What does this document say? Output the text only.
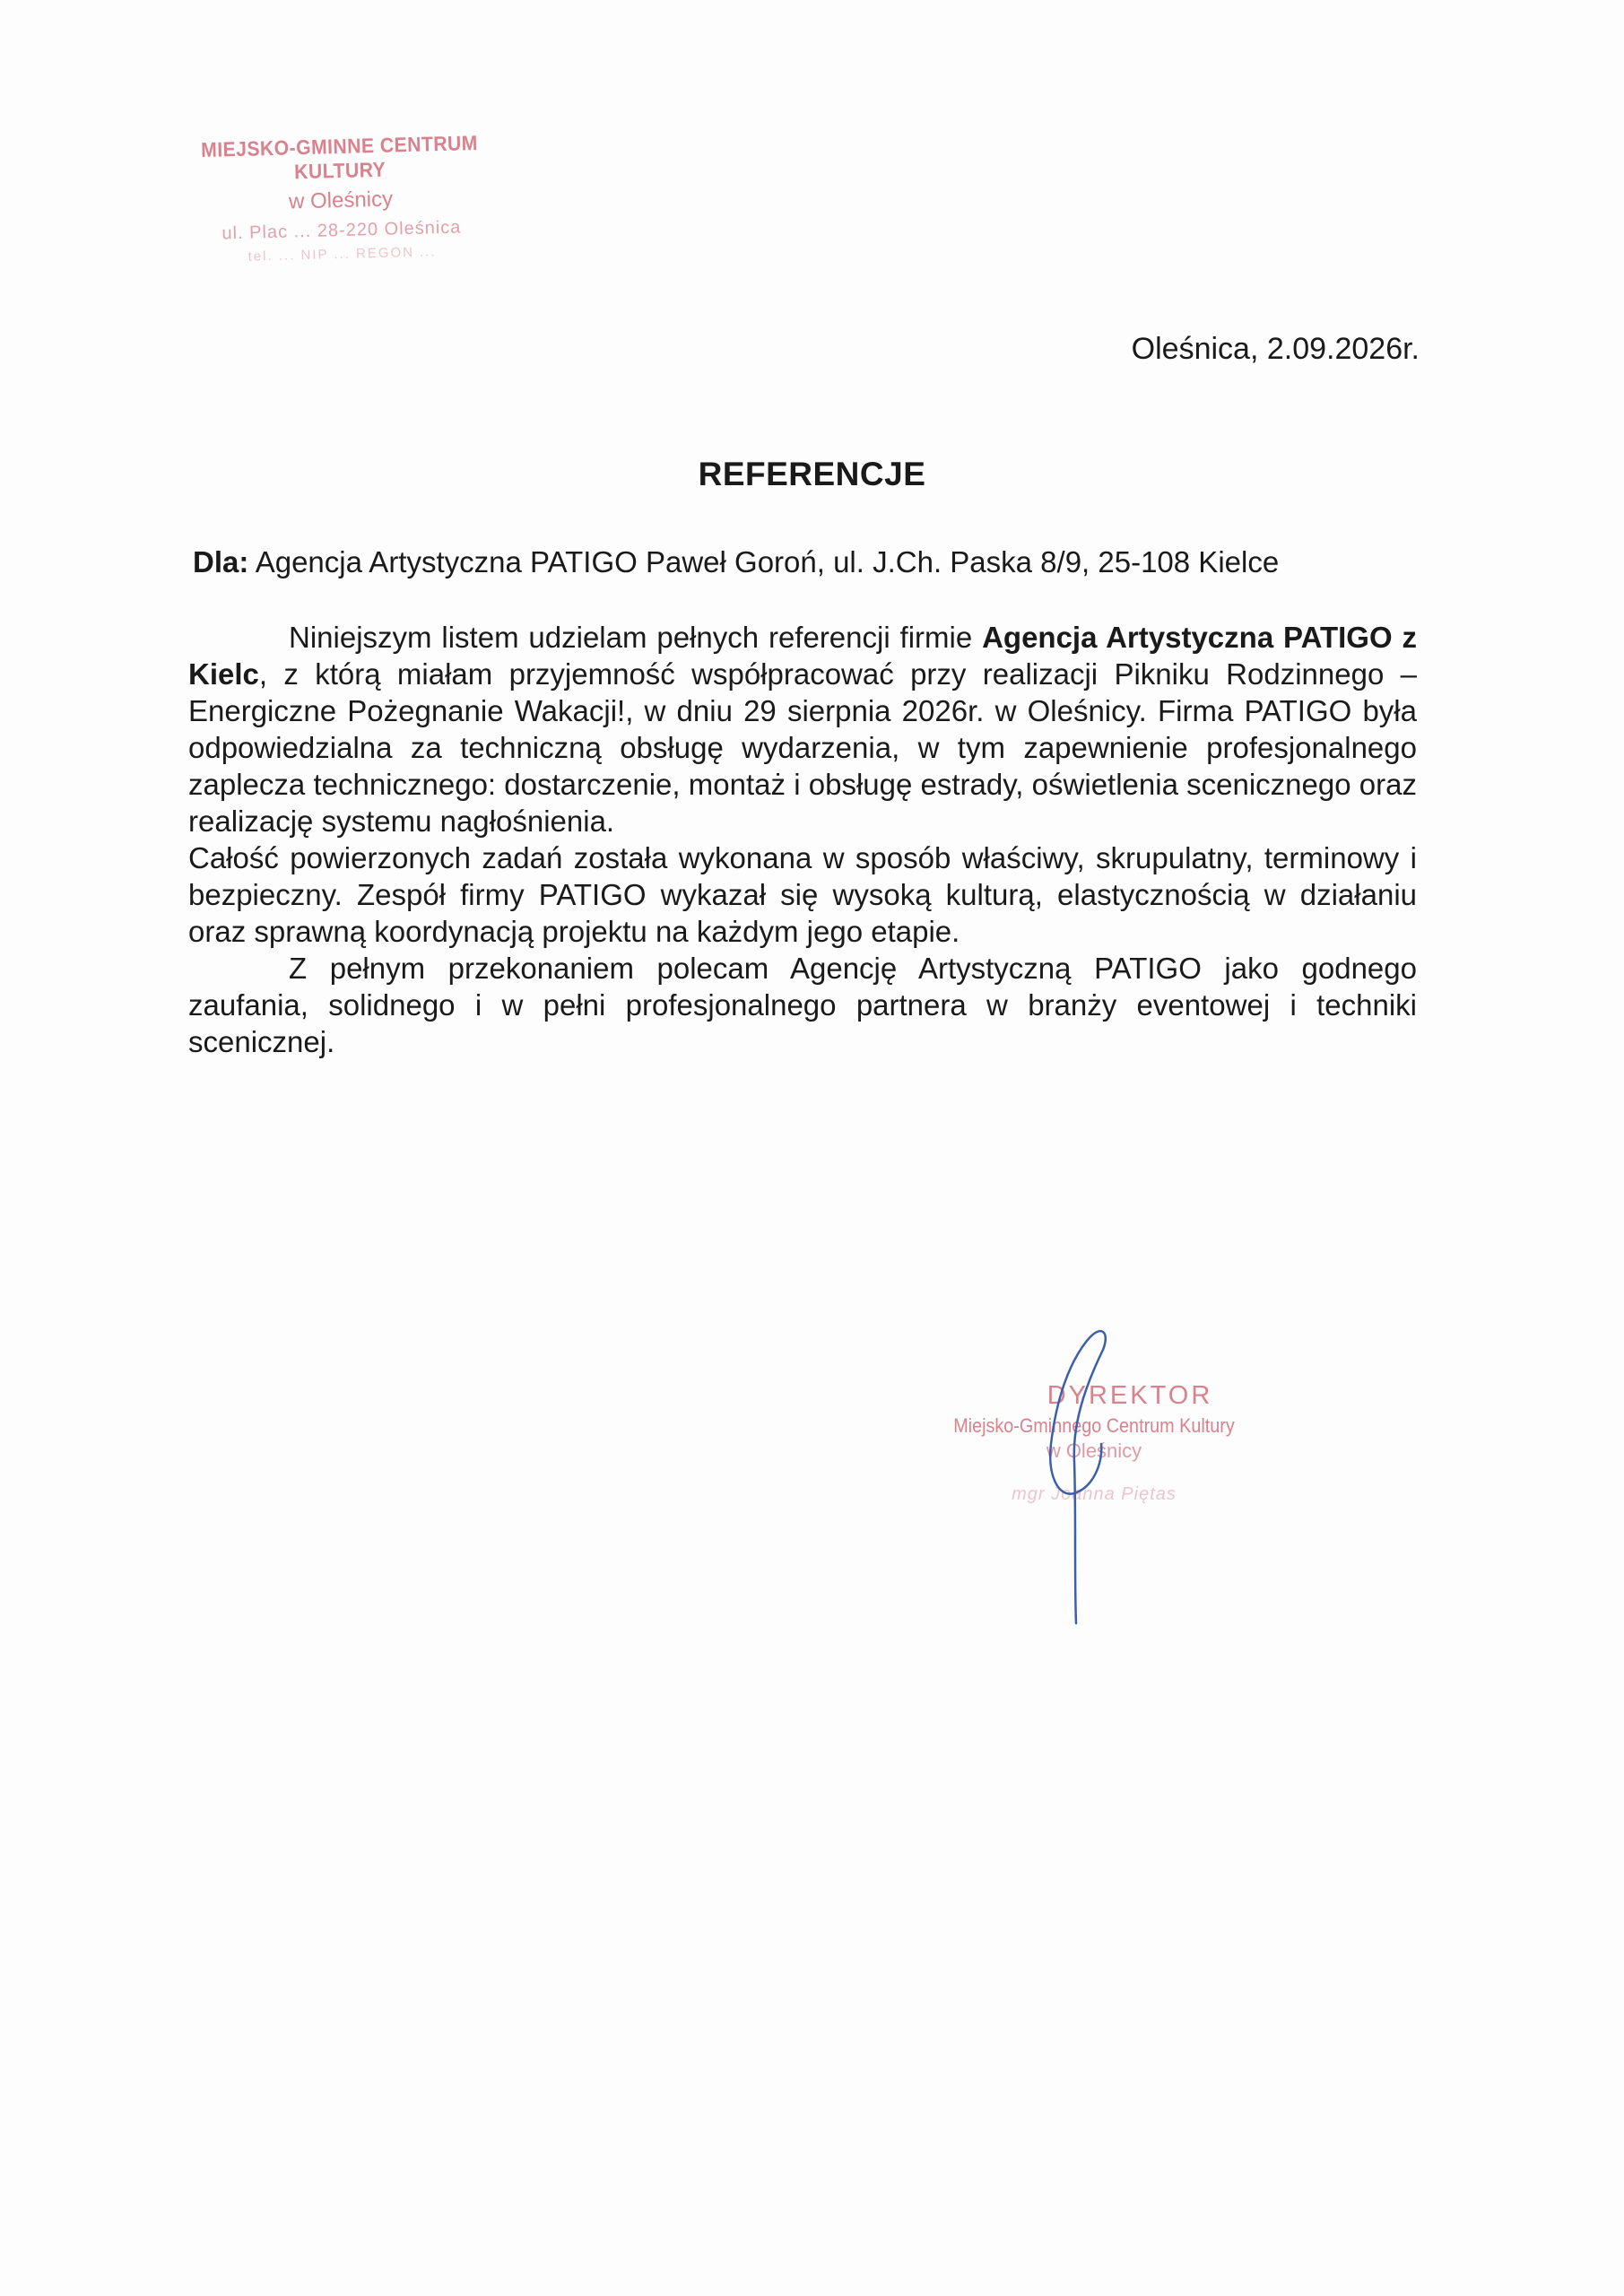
MIEJSKO-GMINNE CENTRUM KULTURY
w Oleśnicy
ul. Plac ... 28-220 Oleśnica
tel. ... NIP ... REGON ...
Oleśnica, 2.09.2026r.
REFERENCJE
Dla: Agencja Artystyczna PATIGO Paweł Goroń, ul. J.Ch. Paska 8/9, 25-108 Kielce

Niniejszym listem udzielam pełnych referencji firmie Agencja Artystyczna PATIGO z Kielc, z którą miałam przyjemność współpracować przy realizacji Pikniku Rodzinnego – Energiczne Pożegnanie Wakacji!, w dniu 29 sierpnia 2026r. w Oleśnicy. Firma PATIGO była odpowiedzialna za techniczną obsługę wydarzenia, w tym zapewnienie profesjonalnego zaplecza technicznego: dostarczenie, montaż i obsługę estrady, oświetlenia scenicznego oraz realizację systemu nagłośnienia.

Całość powierzonych zadań została wykonana w sposób właściwy, skrupulatny, terminowy i bezpieczny. Zespół firmy PATIGO wykazał się wysoką kulturą, elastycznością w działaniu oraz sprawną koordynacją projektu na każdym jego etapie.

Z pełnym przekonaniem polecam Agencję Artystyczną PATIGO jako godnego zaufania, solidnego i w pełni profesjonalnego partnera w branży eventowej i techniki scenicznej.

DYREKTOR
Miejsko-Gminnego Centrum Kultury
w Oleśnicy
mgr Joanna Piętas
